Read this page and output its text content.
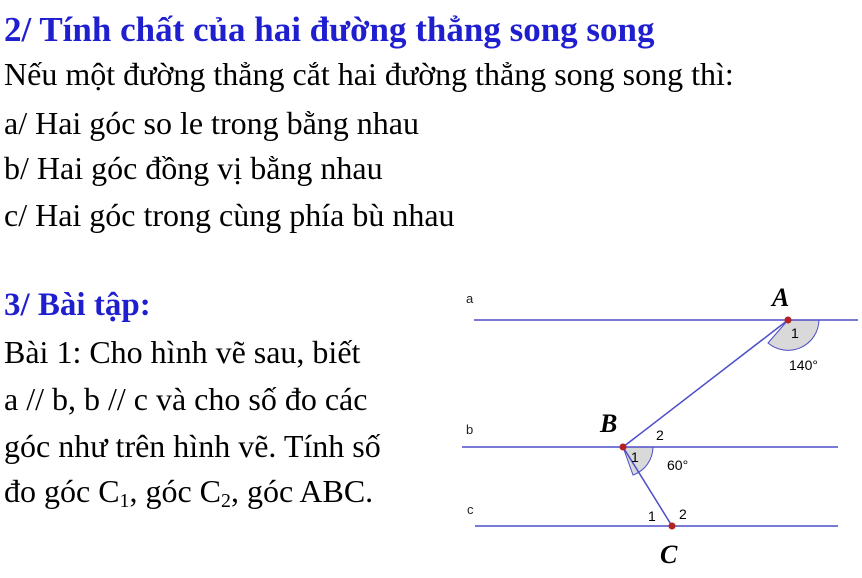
2/ Tính chất của hai đường thẳng song song
Nếu một đường thẳng cắt hai đường thẳng song song thì:
a/ Hai góc so le trong bằng nhau
b/ Hai góc đồng vị bằng nhau
c/ Hai góc trong cùng phía bù nhau
3/ Bài tập:
Bài 1: Cho hình vẽ sau, biết
a // b, b // c và cho số đo các
góc như trên hình vẽ. Tính số
đo góc $C_1$, góc $C_2$, góc ABC.
a
b
c
A
B
C
1
140°
2
1 60°
1 2
